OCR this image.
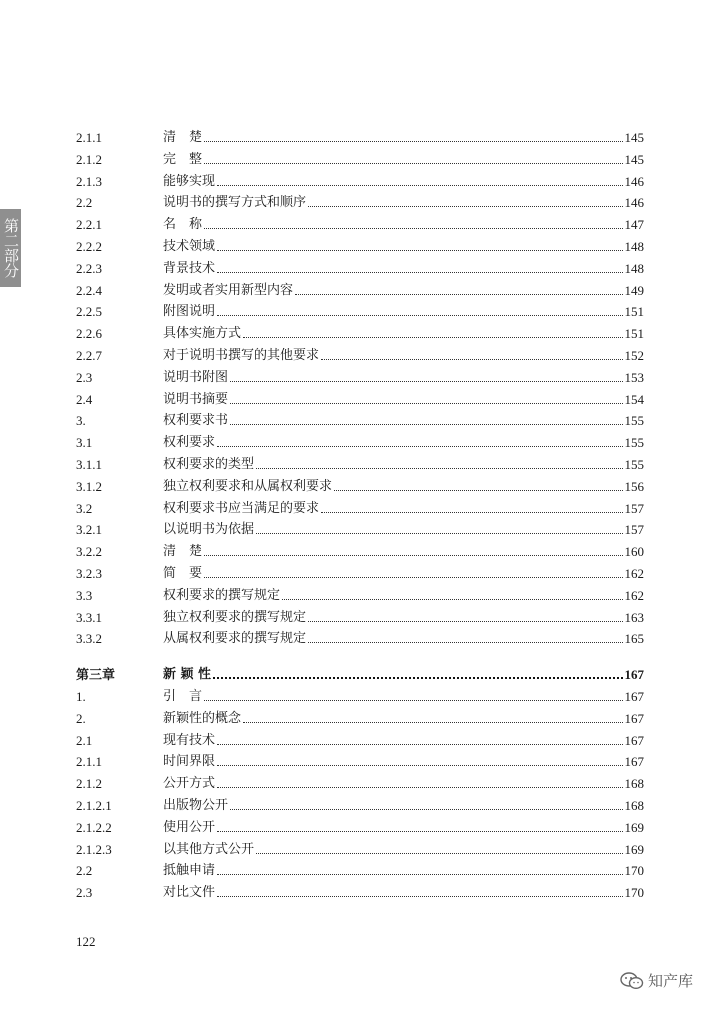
第二部分
2.1.1	清　楚	145
2.1.2	完　整	145
2.1.3	能够实现	146
2.2	说明书的撰写方式和顺序	146
2.2.1	名　称	147
2.2.2	技术领域	148
2.2.3	背景技术	148
2.2.4	发明或者实用新型内容	149
2.2.5	附图说明	151
2.2.6	具体实施方式	151
2.2.7	对于说明书撰写的其他要求	152
2.3	说明书附图	153
2.4	说明书摘要	154
3.	权利要求书	155
3.1	权利要求	155
3.1.1	权利要求的类型	155
3.1.2	独立权利要求和从属权利要求	156
3.2	权利要求书应当满足的要求	157
3.2.1	以说明书为依据	157
3.2.2	清　楚	160
3.2.3	简　要	162
3.3	权利要求的撰写规定	162
3.3.1	独立权利要求的撰写规定	163
3.3.2	从属权利要求的撰写规定	165
第三章	新 颖 性	167
1.	引　言	167
2.	新颖性的概念	167
2.1	现有技术	167
2.1.1	时间界限	167
2.1.2	公开方式	168
2.1.2.1	出版物公开	168
2.1.2.2	使用公开	169
2.1.2.3	以其他方式公开	169
2.2	抵触申请	170
2.3	对比文件	170
122
知产库
